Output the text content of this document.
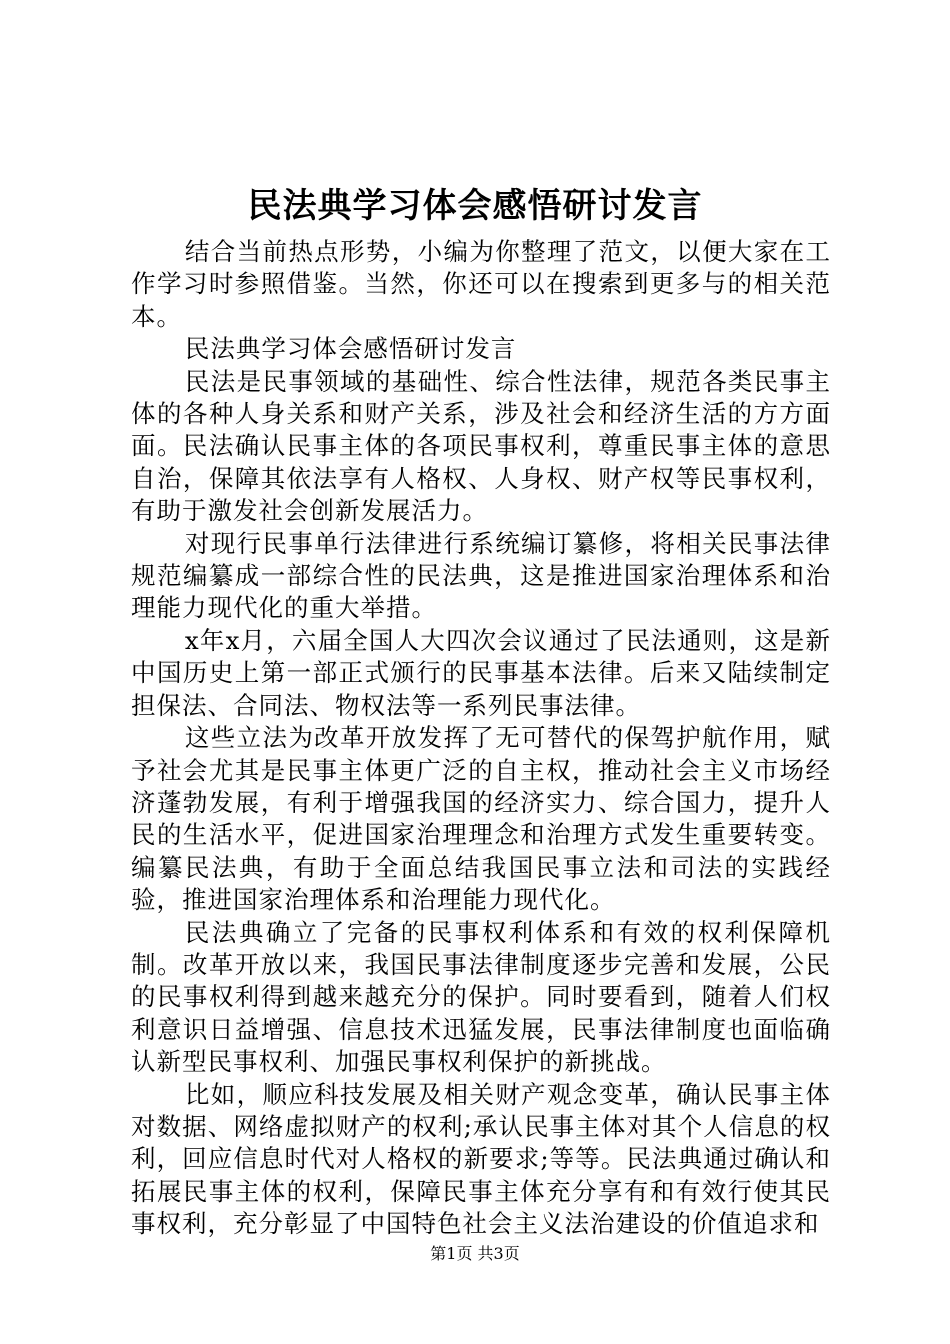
民法典学习体会感悟研讨发言

结合当前热点形势，小编为你整理了范文，以便大家在工作学习时参照借鉴。当然，你还可以在搜索到更多与的相关范本。

民法典学习体会感悟研讨发言

民法是民事领域的基础性、综合性法律，规范各类民事主体的各种人身关系和财产关系，涉及社会和经济生活的方方面面。民法确认民事主体的各项民事权利，尊重民事主体的意思自治，保障其依法享有人格权、人身权、财产权等民事权利，有助于激发社会创新发展活力。

对现行民事单行法律进行系统编订纂修，将相关民事法律规范编纂成一部综合性的民法典，这是推进国家治理体系和治理能力现代化的重大举措。

x年x月，六届全国人大四次会议通过了民法通则，这是新中国历史上第一部正式颁行的民事基本法律。后来又陆续制定担保法、合同法、物权法等一系列民事法律。

这些立法为改革开放发挥了无可替代的保驾护航作用，赋予社会尤其是民事主体更广泛的自主权，推动社会主义市场经济蓬勃发展，有利于增强我国的经济实力、综合国力，提升人民的生活水平，促进国家治理理念和治理方式发生重要转变。编纂民法典，有助于全面总结我国民事立法和司法的实践经验，推进国家治理体系和治理能力现代化。

民法典确立了完备的民事权利体系和有效的权利保障机制。改革开放以来，我国民事法律制度逐步完善和发展，公民的民事权利得到越来越充分的保护。同时要看到，随着人们权利意识日益增强、信息技术迅猛发展，民事法律制度也面临确认新型民事权利、加强民事权利保护的新挑战。

比如，顺应科技发展及相关财产观念变革，确认民事主体对数据、网络虚拟财产的权利;承认民事主体对其个人信息的权利，回应信息时代对人格权的新要求;等等。民法典通过确认和拓展民事主体的权利，保障民事主体充分享有和有效行使其民事权利，充分彰显了中国特色社会主义法治建设的价值追求和

第1页 共3页
